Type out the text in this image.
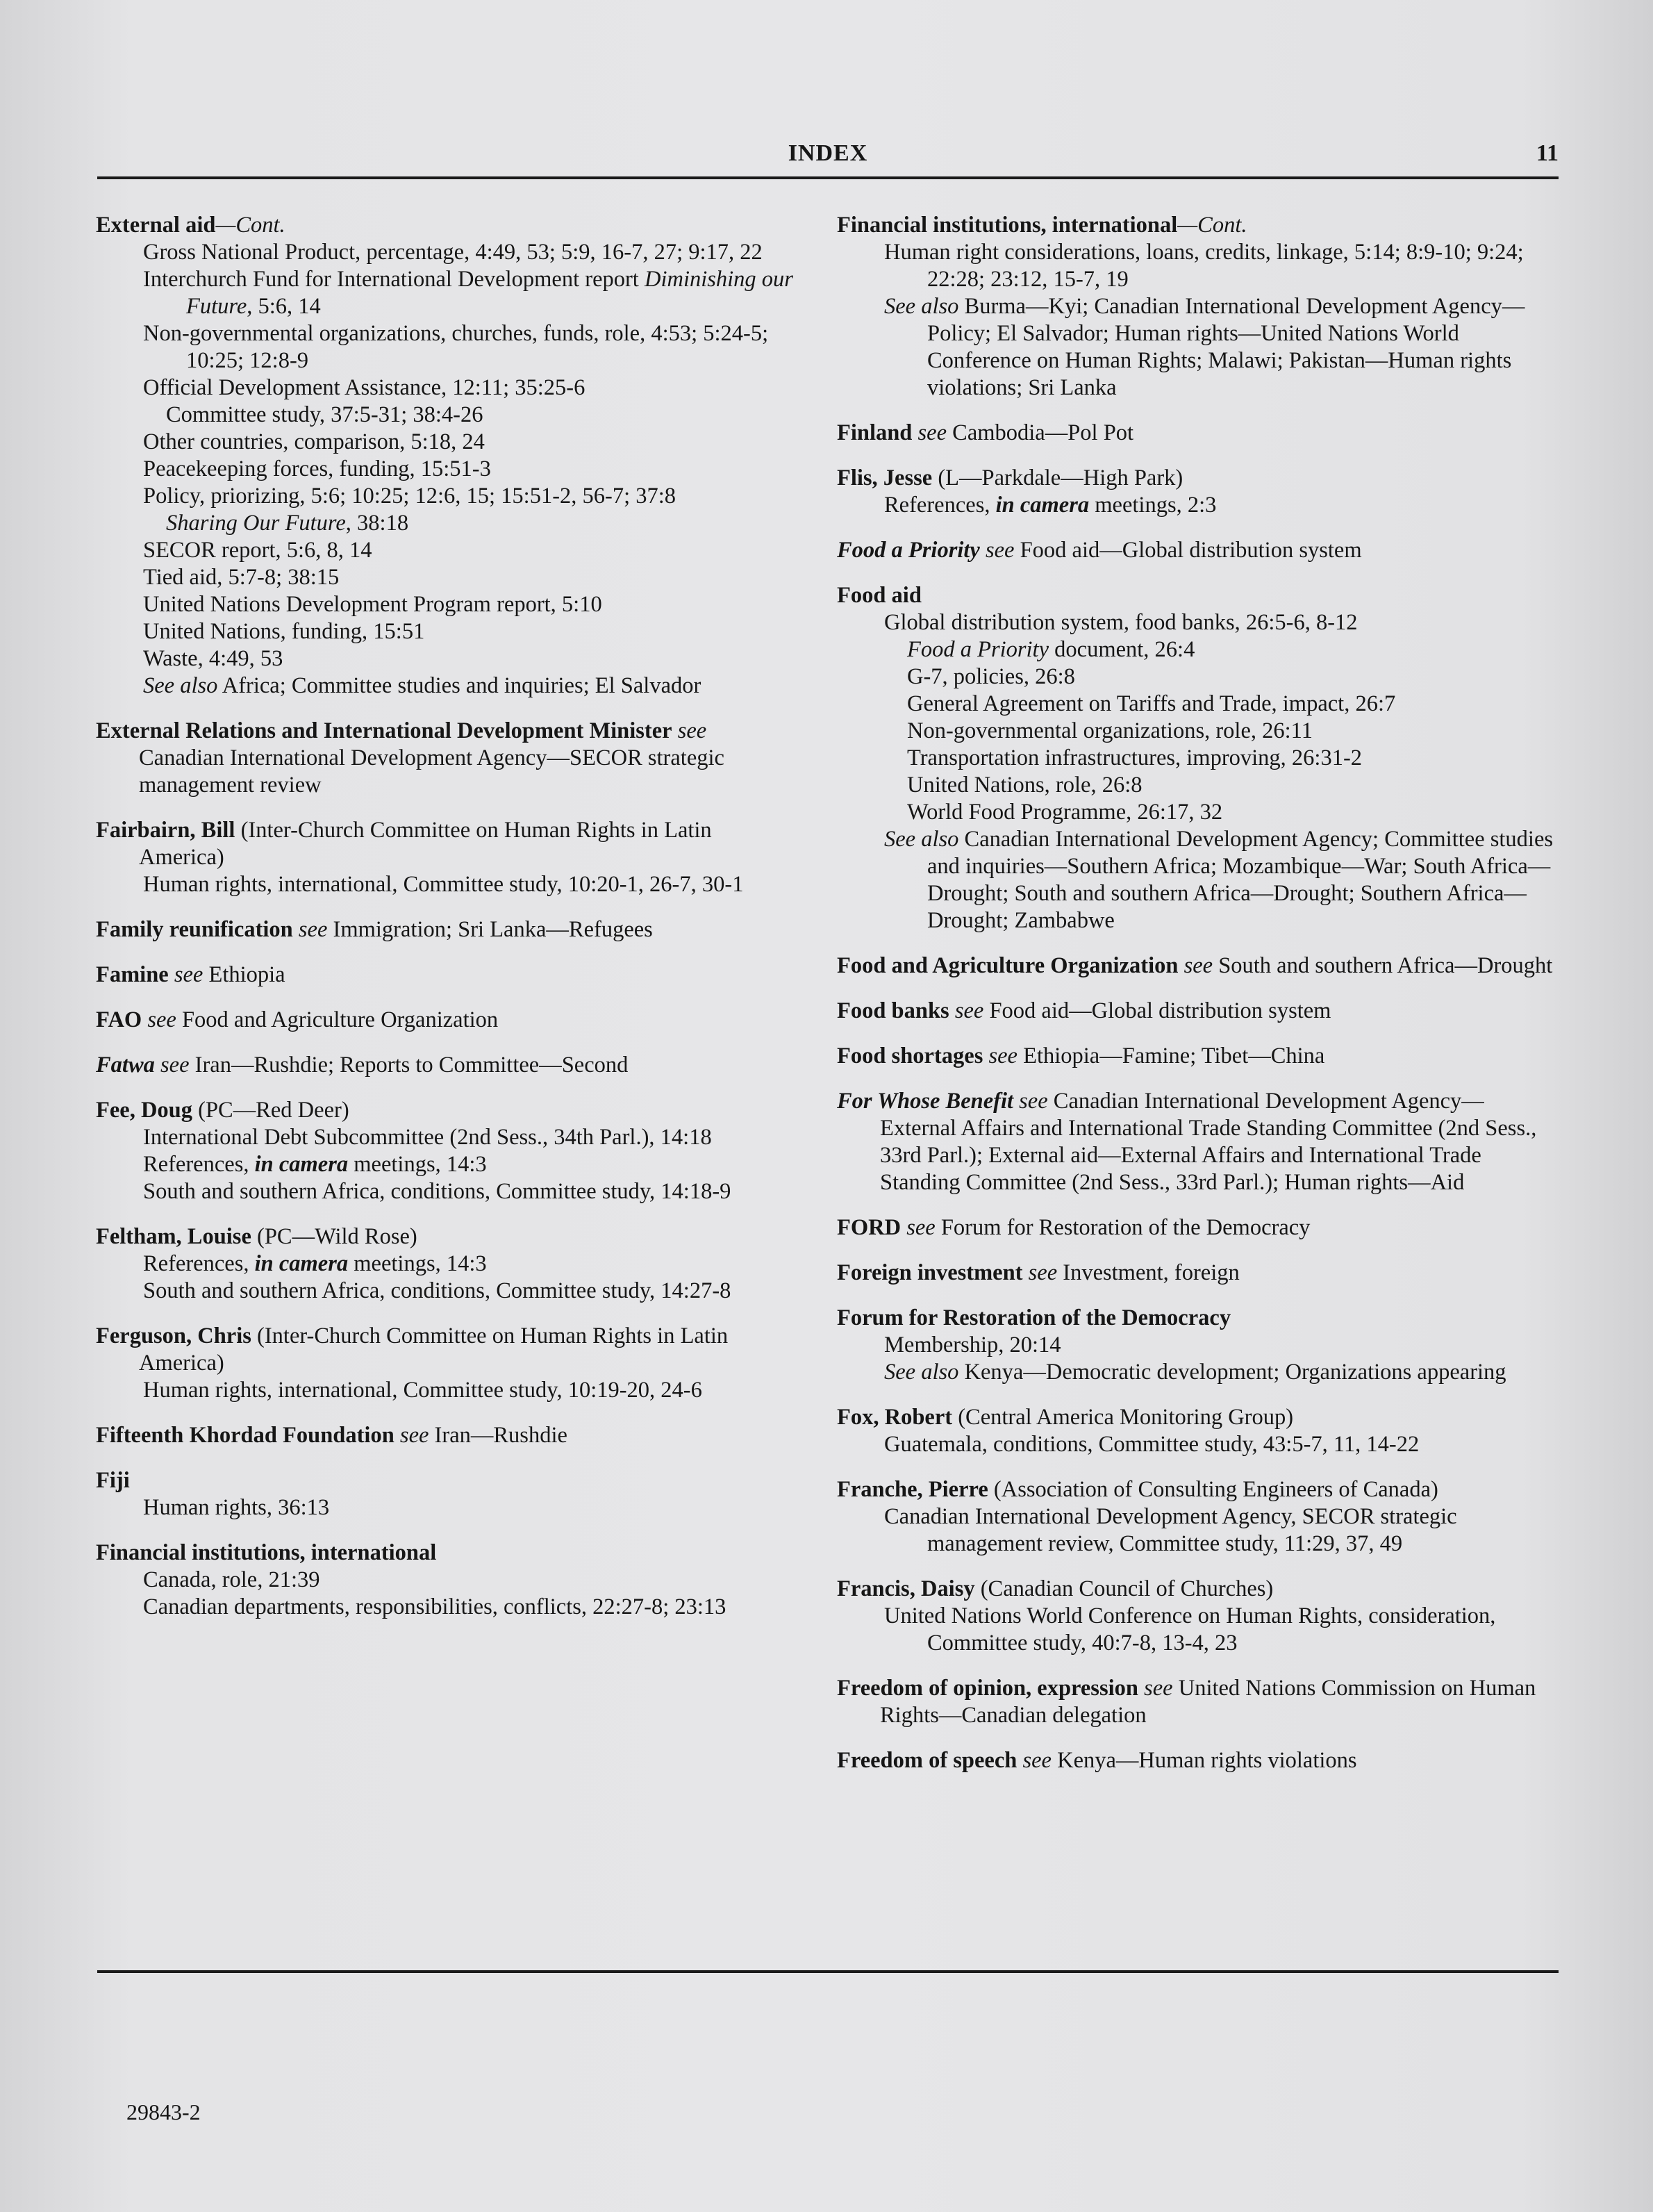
INDEX	11
External aid—Cont.
Gross National Product, percentage, 4:49, 53; 5:9, 16-7, 27; 9:17, 22
Interchurch Fund for International Development report Diminishing our Future, 5:6, 14
Non-governmental organizations, churches, funds, role, 4:53; 5:24-5; 10:25; 12:8-9
Official Development Assistance, 12:11; 35:25-6
Committee study, 37:5-31; 38:4-26
Other countries, comparison, 5:18, 24
Peacekeeping forces, funding, 15:51-3
Policy, priorizing, 5:6; 10:25; 12:6, 15; 15:51-2, 56-7; 37:8
Sharing Our Future, 38:18
SECOR report, 5:6, 8, 14
Tied aid, 5:7-8; 38:15
United Nations Development Program report, 5:10
United Nations, funding, 15:51
Waste, 4:49, 53
See also Africa; Committee studies and inquiries; El Salvador
External Relations and International Development Minister see Canadian International Development Agency—SECOR strategic management review
Fairbairn, Bill (Inter-Church Committee on Human Rights in Latin America)
Human rights, international, Committee study, 10:20-1, 26-7, 30-1
Family reunification see Immigration; Sri Lanka—Refugees
Famine see Ethiopia
FAO see Food and Agriculture Organization
Fatwa see Iran—Rushdie; Reports to Committee—Second
Fee, Doug (PC—Red Deer)
International Debt Subcommittee (2nd Sess., 34th Parl.), 14:18
References, in camera meetings, 14:3
South and southern Africa, conditions, Committee study, 14:18-9
Feltham, Louise (PC—Wild Rose)
References, in camera meetings, 14:3
South and southern Africa, conditions, Committee study, 14:27-8
Ferguson, Chris (Inter-Church Committee on Human Rights in Latin America)
Human rights, international, Committee study, 10:19-20, 24-6
Fifteenth Khordad Foundation see Iran—Rushdie
Fiji
Human rights, 36:13
Financial institutions, international
Canada, role, 21:39
Canadian departments, responsibilities, conflicts, 22:27-8; 23:13
Financial institutions, international—Cont.
Human right considerations, loans, credits, linkage, 5:14; 8:9-10; 9:24; 22:28; 23:12, 15-7, 19
See also Burma—Kyi; Canadian International Development Agency—Policy; El Salvador; Human rights—United Nations World Conference on Human Rights; Malawi; Pakistan—Human rights violations; Sri Lanka
Finland see Cambodia—Pol Pot
Flis, Jesse (L—Parkdale—High Park)
References, in camera meetings, 2:3
Food a Priority see Food aid—Global distribution system
Food aid
Global distribution system, food banks, 26:5-6, 8-12
Food a Priority document, 26:4
G-7, policies, 26:8
General Agreement on Tariffs and Trade, impact, 26:7
Non-governmental organizations, role, 26:11
Transportation infrastructures, improving, 26:31-2
United Nations, role, 26:8
World Food Programme, 26:17, 32
See also Canadian International Development Agency; Committee studies and inquiries—Southern Africa; Mozambique—War; South Africa—Drought; South and southern Africa—Drought; Southern Africa—Drought; Zambabwe
Food and Agriculture Organization see South and southern Africa—Drought
Food banks see Food aid—Global distribution system
Food shortages see Ethiopia—Famine; Tibet—China
For Whose Benefit see Canadian International Development Agency—External Affairs and International Trade Standing Committee (2nd Sess., 33rd Parl.); External aid—External Affairs and International Trade Standing Committee (2nd Sess., 33rd Parl.); Human rights—Aid
FORD see Forum for Restoration of the Democracy
Foreign investment see Investment, foreign
Forum for Restoration of the Democracy
Membership, 20:14
See also Kenya—Democratic development; Organizations appearing
Fox, Robert (Central America Monitoring Group)
Guatemala, conditions, Committee study, 43:5-7, 11, 14-22
Franche, Pierre (Association of Consulting Engineers of Canada)
Canadian International Development Agency, SECOR strategic management review, Committee study, 11:29, 37, 49
Francis, Daisy (Canadian Council of Churches)
United Nations World Conference on Human Rights, consideration, Committee study, 40:7-8, 13-4, 23
Freedom of opinion, expression see United Nations Commission on Human Rights—Canadian delegation
Freedom of speech see Kenya—Human rights violations
29843-2
